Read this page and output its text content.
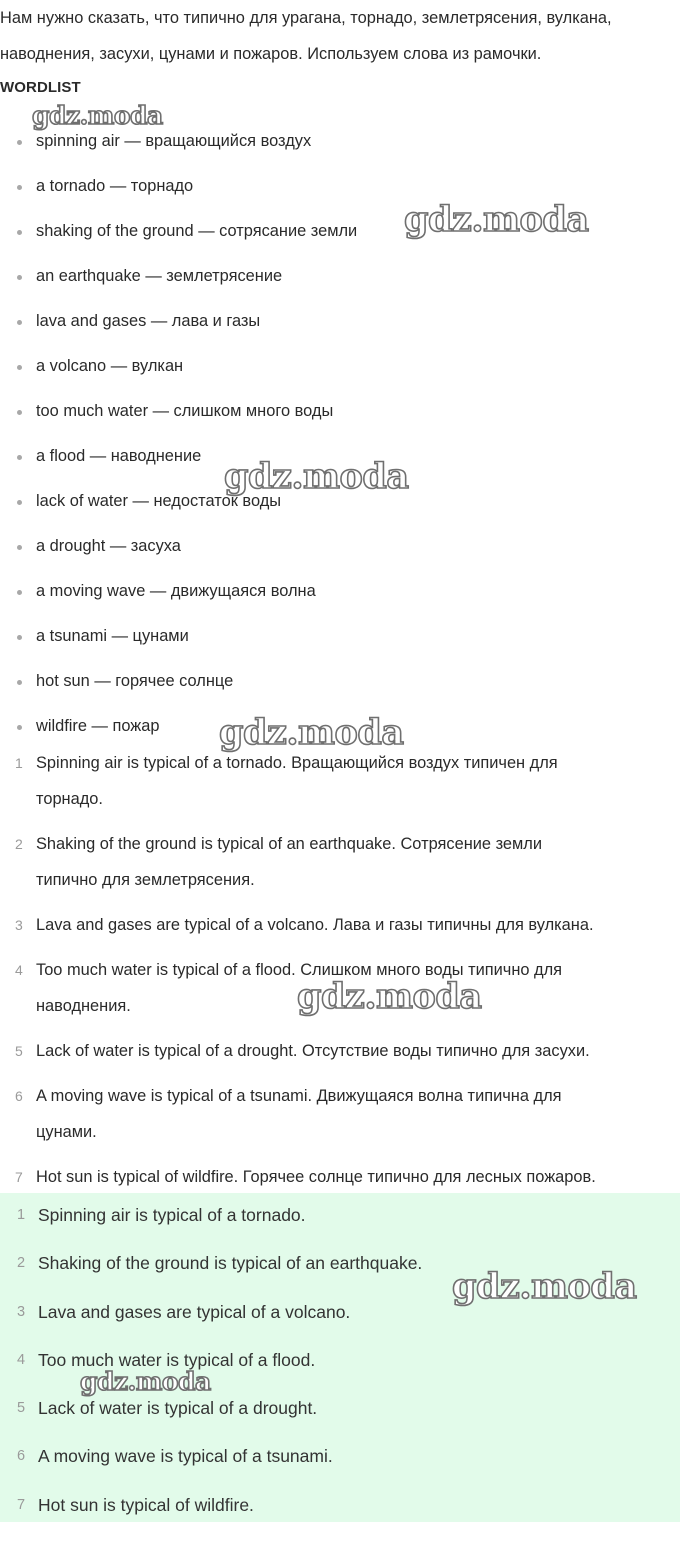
Нам нужно сказать, что типично для урагана, торнадо, землетрясения, вулкана,
наводнения, засухи, цунами и пожаров. Используем слова из рамочки.
WORDLIST
spinning air — вращающийся воздух
a tornado — торнадо
shaking of the ground — сотрясание земли
an earthquake — землетрясение
lava and gases — лава и газы
a volcano — вулкан
too much water — слишком много воды
a flood — наводнение
lack of water — недостаток воды
a drought — засуха
a moving wave — движущаяся волна
a tsunami — цунами
hot sun — горячее солнце
wildfire — пожар
1 Spinning air is typical of a tornado. Вращающийся воздух типичен для
торнадо.
2 Shaking of the ground is typical of an earthquake. Сотрясение земли
типично для землетрясения.
3 Lava and gases are typical of a volcano. Лава и газы типичны для вулкана.
4 Too much water is typical of a flood. Слишком много воды типично для
наводнения.
5 Lack of water is typical of a drought. Отсутствие воды типично для засухи.
6 A moving wave is typical of a tsunami. Движущаяся волна типична для
цунами.
7 Hot sun is typical of wildfire. Горячее солнце типично для лесных пожаров.
1 Spinning air is typical of a tornado.
2 Shaking of the ground is typical of an earthquake.
3 Lava and gases are typical of a volcano.
4 Too much water is typical of a flood.
5 Lack of water is typical of a drought.
6 A moving wave is typical of a tsunami.
7 Hot sun is typical of wildfire.
gdz.moda
gdz.moda
gdz.moda
gdz.moda
gdz.moda
gdz.moda
gdz.moda
